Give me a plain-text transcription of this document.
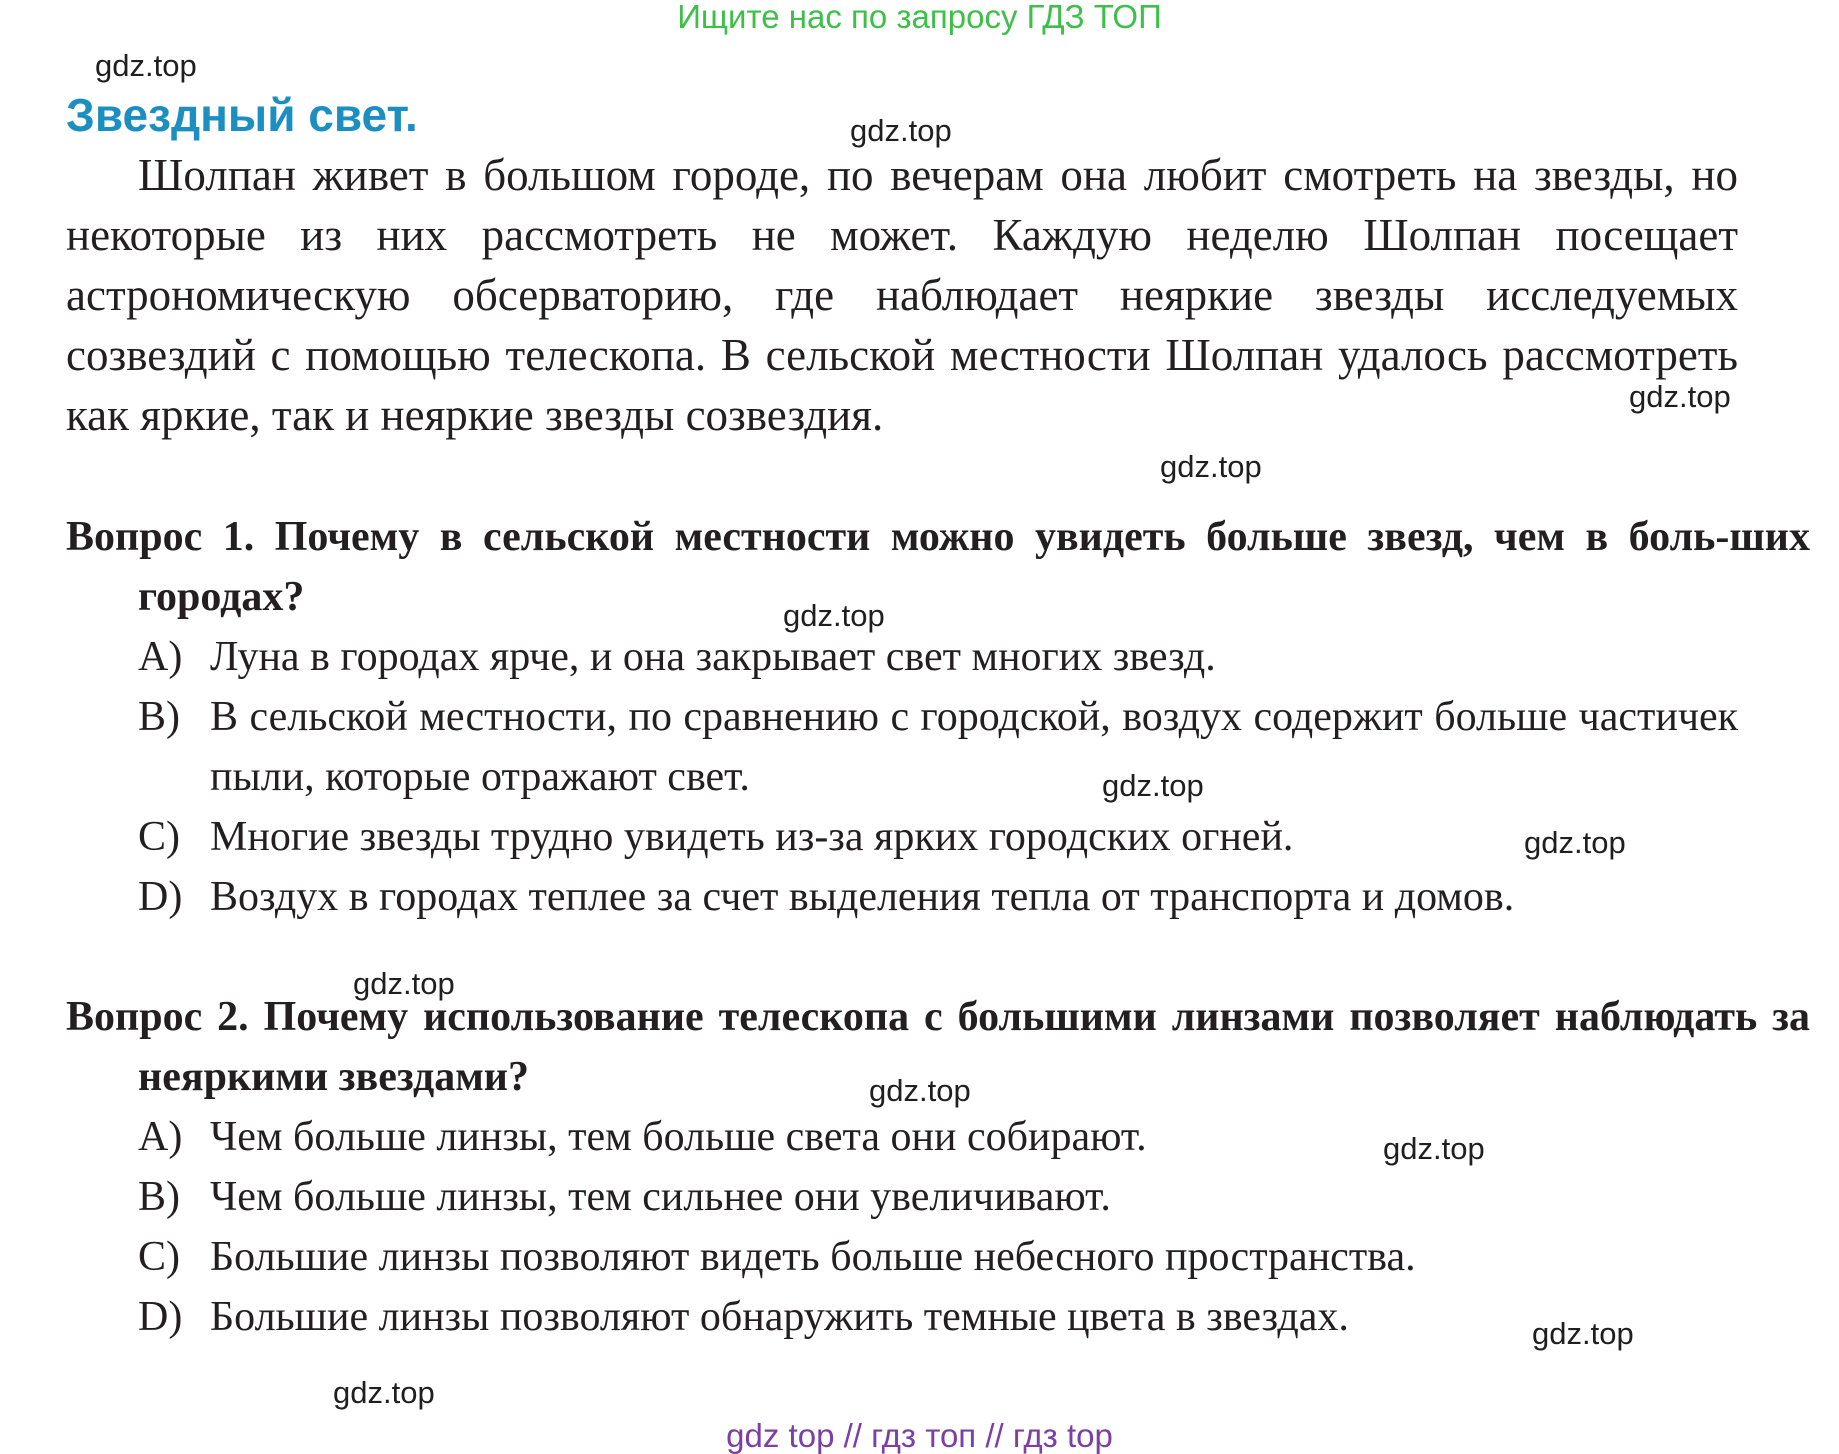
Ищите нас по запросу ГДЗ ТОП
gdz.top
Звездный свет.	gdz.top

Шолпан живет в большом городе, по вечерам она любит смотреть на звезды, но некоторые из них рассмотреть не может. Каждую неделю Шолпан посещает астрономическую обсерваторию, где наблюдает неяркие звезды исследуемых созвездий с помощью телескопа. В сельской местности Шолпан удалось рассмотреть как яркие, так и неяркие звезды созвездия.	gdz.top
gdz.top

Вопрос 1. Почему в сельской местности можно увидеть больше звезд, чем в боль-ших городах?	gdz.top
A) Луна в городах ярче, и она закрывает свет многих звезд.
B) В сельской местности, по сравнению с городской, воздух содержит больше частичек пыли, которые отражают свет.
C) Многие звезды трудно увидеть из-за ярких городских огней.
D) Воздух в городах теплее за счет выделения тепла от транспорта и домов.
gdz.top
gdz.top
gdz.top

Вопрос 2. Почему использование телескопа с большими линзами позволяет наблюдать за неяркими звездами?	gdz.top
A) Чем больше линзы, тем больше света они собирают.
B) Чем больше линзы, тем сильнее они увеличивают.
C) Большие линзы позволяют видеть больше небесного пространства.
D) Большие линзы позволяют обнаружить темные цвета в звездах.
gdz.top
gdz.top
gdz.top
gdz top // гдз топ // гдз top
